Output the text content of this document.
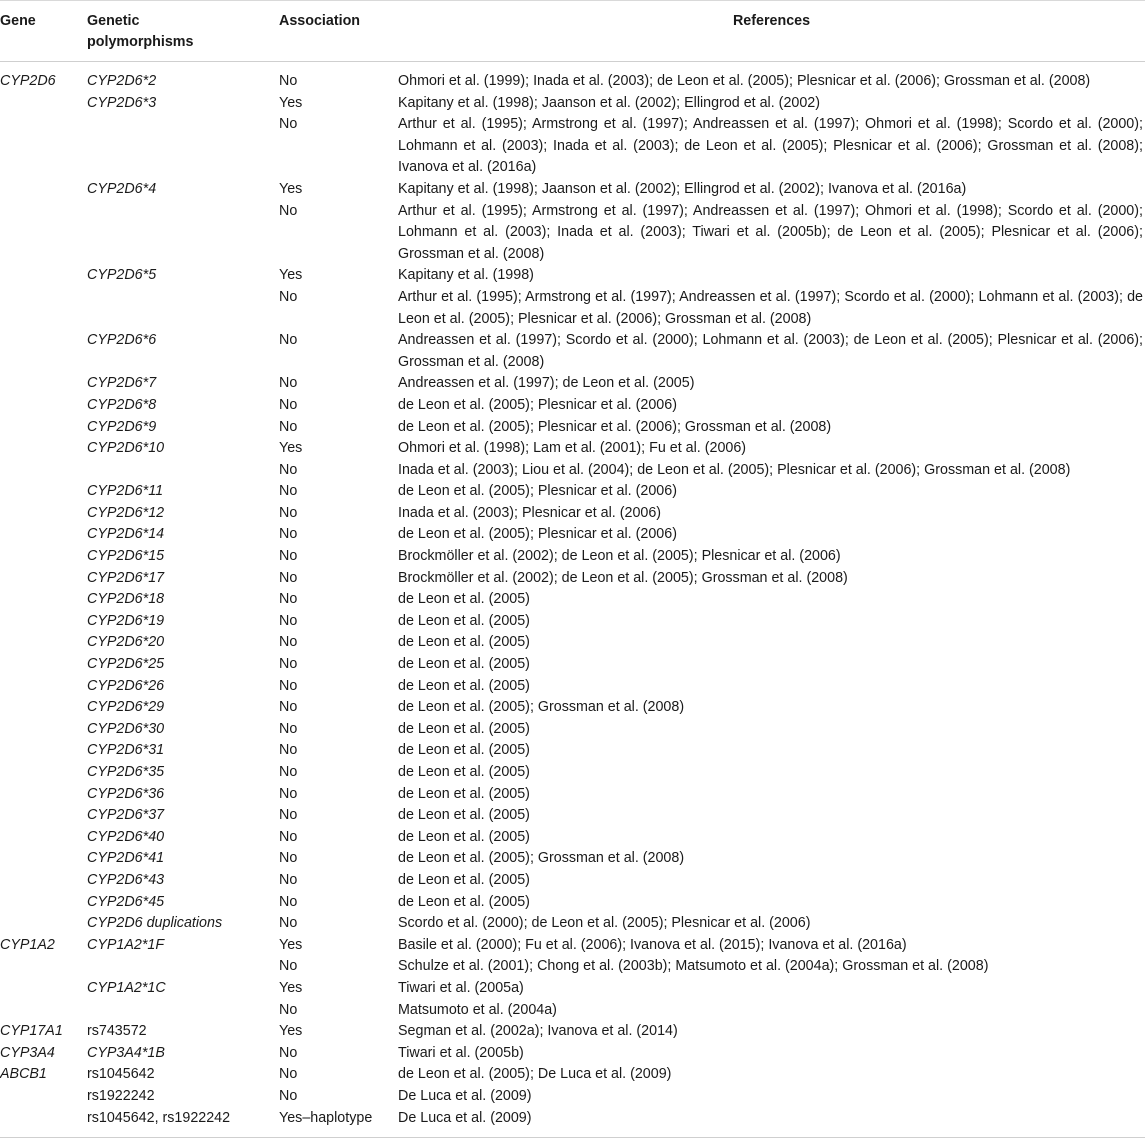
Gene	Genetic polymorphisms	Association	References
CYP2D6	CYP2D6*2	No	Ohmori et al. (1999); Inada et al. (2003); de Leon et al. (2005); Plesnicar et al. (2006); Grossman et al. (2008)
	CYP2D6*3	Yes	Kapitany et al. (1998); Jaanson et al. (2002); Ellingrod et al. (2002)
		No	Arthur et al. (1995); Armstrong et al. (1997); Andreassen et al. (1997); Ohmori et al. (1998); Scordo et al. (2000); Lohmann et al. (2003); Inada et al. (2003); de Leon et al. (2005); Plesnicar et al. (2006); Grossman et al. (2008); Ivanova et al. (2016a)
	CYP2D6*4	Yes	Kapitany et al. (1998); Jaanson et al. (2002); Ellingrod et al. (2002); Ivanova et al. (2016a)
		No	Arthur et al. (1995); Armstrong et al. (1997); Andreassen et al. (1997); Ohmori et al. (1998); Scordo et al. (2000); Lohmann et al. (2003); Inada et al. (2003); Tiwari et al. (2005b); de Leon et al. (2005); Plesnicar et al. (2006); Grossman et al. (2008)
	CYP2D6*5	Yes	Kapitany et al. (1998)
		No	Arthur et al. (1995); Armstrong et al. (1997); Andreassen et al. (1997); Scordo et al. (2000); Lohmann et al. (2003); de Leon et al. (2005); Plesnicar et al. (2006); Grossman et al. (2008)
	CYP2D6*6	No	Andreassen et al. (1997); Scordo et al. (2000); Lohmann et al. (2003); de Leon et al. (2005); Plesnicar et al. (2006); Grossman et al. (2008)
	CYP2D6*7	No	Andreassen et al. (1997); de Leon et al. (2005)
	CYP2D6*8	No	de Leon et al. (2005); Plesnicar et al. (2006)
	CYP2D6*9	No	de Leon et al. (2005); Plesnicar et al. (2006); Grossman et al. (2008)
	CYP2D6*10	Yes	Ohmori et al. (1998); Lam et al. (2001); Fu et al. (2006)
		No	Inada et al. (2003); Liou et al. (2004); de Leon et al. (2005); Plesnicar et al. (2006); Grossman et al. (2008)
	CYP2D6*11	No	de Leon et al. (2005); Plesnicar et al. (2006)
	CYP2D6*12	No	Inada et al. (2003); Plesnicar et al. (2006)
	CYP2D6*14	No	de Leon et al. (2005); Plesnicar et al. (2006)
	CYP2D6*15	No	Brockmöller et al. (2002); de Leon et al. (2005); Plesnicar et al. (2006)
	CYP2D6*17	No	Brockmöller et al. (2002); de Leon et al. (2005); Grossman et al. (2008)
	CYP2D6*18	No	de Leon et al. (2005)
	CYP2D6*19	No	de Leon et al. (2005)
	CYP2D6*20	No	de Leon et al. (2005)
	CYP2D6*25	No	de Leon et al. (2005)
	CYP2D6*26	No	de Leon et al. (2005)
	CYP2D6*29	No	de Leon et al. (2005); Grossman et al. (2008)
	CYP2D6*30	No	de Leon et al. (2005)
	CYP2D6*31	No	de Leon et al. (2005)
	CYP2D6*35	No	de Leon et al. (2005)
	CYP2D6*36	No	de Leon et al. (2005)
	CYP2D6*37	No	de Leon et al. (2005)
	CYP2D6*40	No	de Leon et al. (2005)
	CYP2D6*41	No	de Leon et al. (2005); Grossman et al. (2008)
	CYP2D6*43	No	de Leon et al. (2005)
	CYP2D6*45	No	de Leon et al. (2005)
	CYP2D6 duplications	No	Scordo et al. (2000); de Leon et al. (2005); Plesnicar et al. (2006)
CYP1A2	CYP1A2*1F	Yes	Basile et al. (2000); Fu et al. (2006); Ivanova et al. (2015); Ivanova et al. (2016a)
		No	Schulze et al. (2001); Chong et al. (2003b); Matsumoto et al. (2004a); Grossman et al. (2008)
	CYP1A2*1C	Yes	Tiwari et al. (2005a)
		No	Matsumoto et al. (2004a)
CYP17A1	rs743572	Yes	Segman et al. (2002a); Ivanova et al. (2014)
CYP3A4	CYP3A4*1B	No	Tiwari et al. (2005b)
ABCB1	rs1045642	No	de Leon et al. (2005); De Luca et al. (2009)
	rs1922242	No	De Luca et al. (2009)
	rs1045642, rs1922242	Yes–haplotype	De Luca et al. (2009)
